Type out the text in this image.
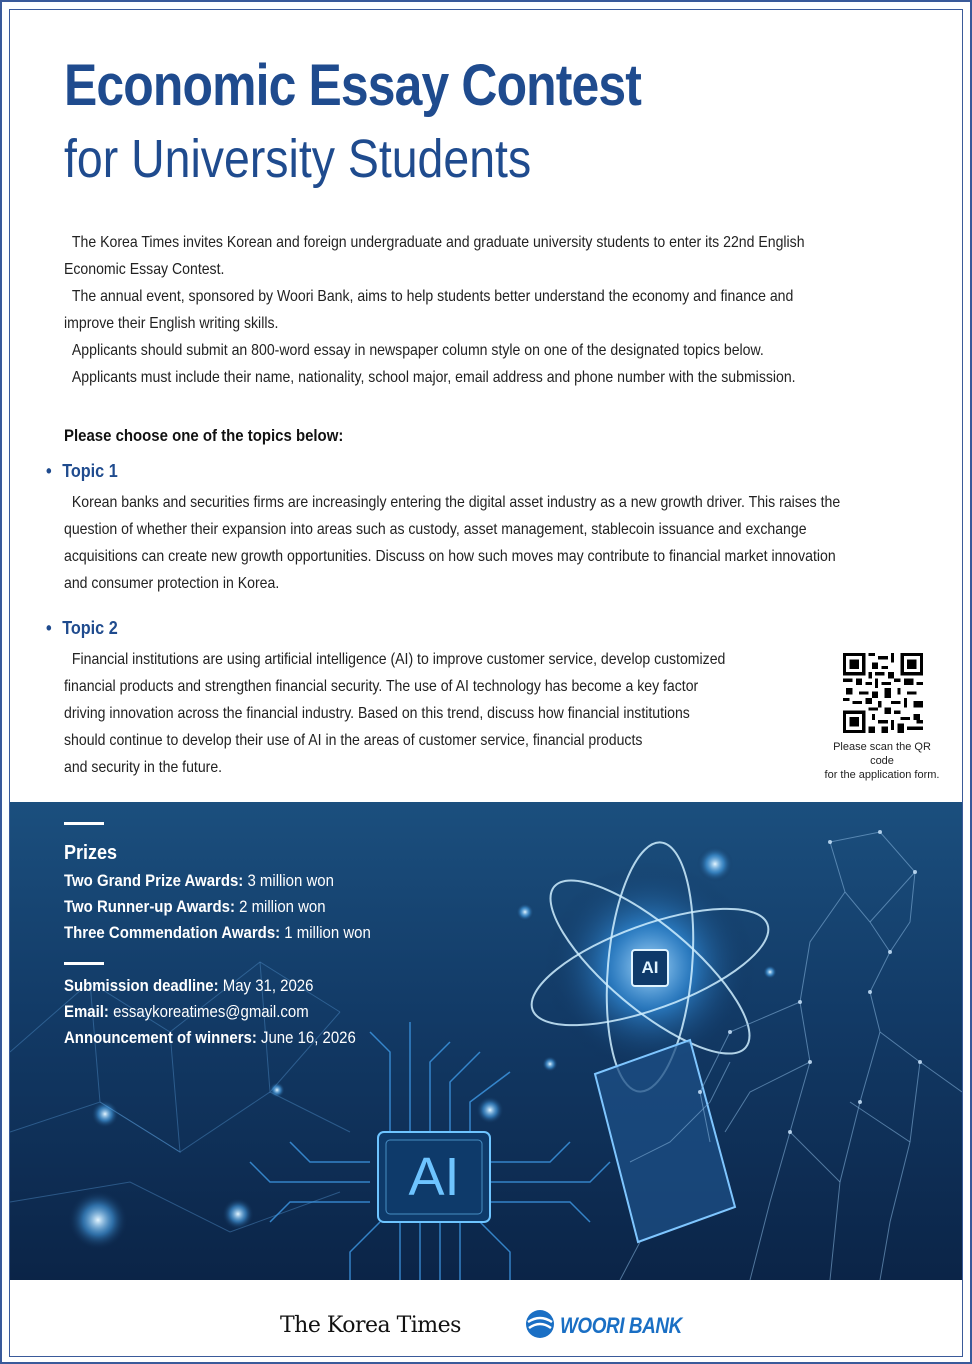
Economic Essay Contest
for University Students

The Korea Times invites Korean and foreign undergraduate and graduate university students to enter its 22nd English

Economic Essay Contest.

The annual event, sponsored by Woori Bank, aims to help students better understand the economy and finance and

improve their English writing skills.

Applicants should submit an 800-word essay in newspaper column style on one of the designated topics below.

Applicants must include their name, nationality, school major, email address and phone number with the submission.

Please choose one of the topics below:
• Topic 1
Korean banks and securities firms are increasingly entering the digital asset industry as a new growth driver. This raises the
question of whether their expansion into areas such as custody, asset management, stablecoin issuance and exchange
acquisitions can create new growth opportunities. Discuss on how such moves may contribute to financial market innovation
and consumer protection in Korea.
• Topic 2
Financial institutions are using artificial intelligence (AI) to improve customer service, develop customized
financial products and strengthen financial security. The use of AI technology has become a key factor
driving innovation across the financial industry. Based on this trend, discuss how financial institutions
should continue to develop their use of AI in the areas of customer service, financial products
and security in the future.
Please scan the QR code
for the application form.
AI
AI
Prizes
Two Grand Prize Awards: 3 million won
Two Runner-up Awards: 2 million won
Three Commendation Awards: 1 million won
Submission deadline: May 31, 2026
Email: essaykoreatimes@gmail.com
Announcement of winners: June 16, 2026
The Korea Times	WOORI BANK
